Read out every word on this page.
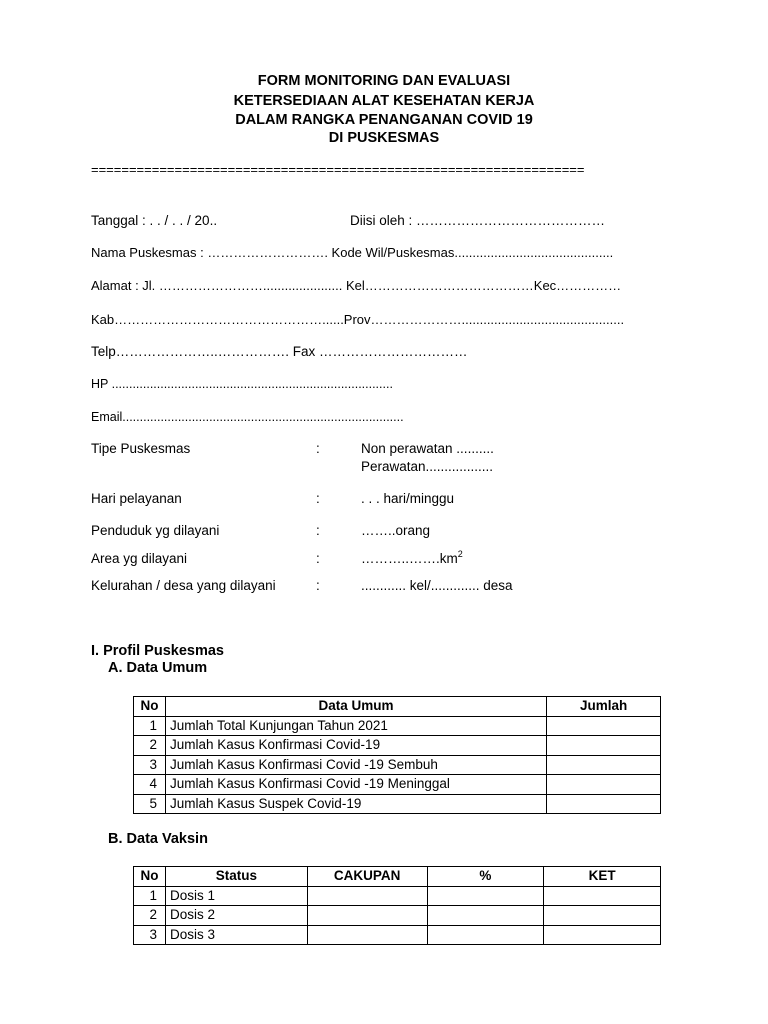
FORM MONITORING DAN EVALUASI
KETERSEDIAAN ALAT KESEHATAN KERJA
DALAM RANGKA PENANGANAN COVID 19
DI PUSKESMAS
=================================================================
Tanggal : . . / . . / 20..	Diisi oleh : ……………………………………
Nama Puskesmas : ………………………. Kode Wil/Puskesmas............................................
Alamat : Jl. ……………………...................... Kel…………………………………Kec……………
Kab…………………………………………......Prov………………….............................................
Telp…………………..……………. Fax ……………………………
HP .................................................................................
Email.................................................................................
Tipe Puskesmas	:	Non perawatan ..........
Perawatan..................
Hari pelayanan	:	. . . hari/minggu
Penduduk yg dilayani	:	……..orang
Area yg dilayani	:	$\dots\dots\dots..\dots\dots.km^2$
Kelurahan / desa yang dilayani	:	............ kel/............. desa
I. Profil Puskesmas
A. Data Umum
No	Data Umum	Jumlah
1	Jumlah Total Kunjungan Tahun 2021	
2	Jumlah Kasus Konfirmasi Covid-19	
3	Jumlah Kasus Konfirmasi Covid -19 Sembuh	
4	Jumlah Kasus Konfirmasi Covid -19 Meninggal	
5	Jumlah Kasus Suspek Covid-19	
B. Data Vaksin
No	Status	CAKUPAN	%	KET
1	Dosis 1			
2	Dosis 2			
3	Dosis 3			
